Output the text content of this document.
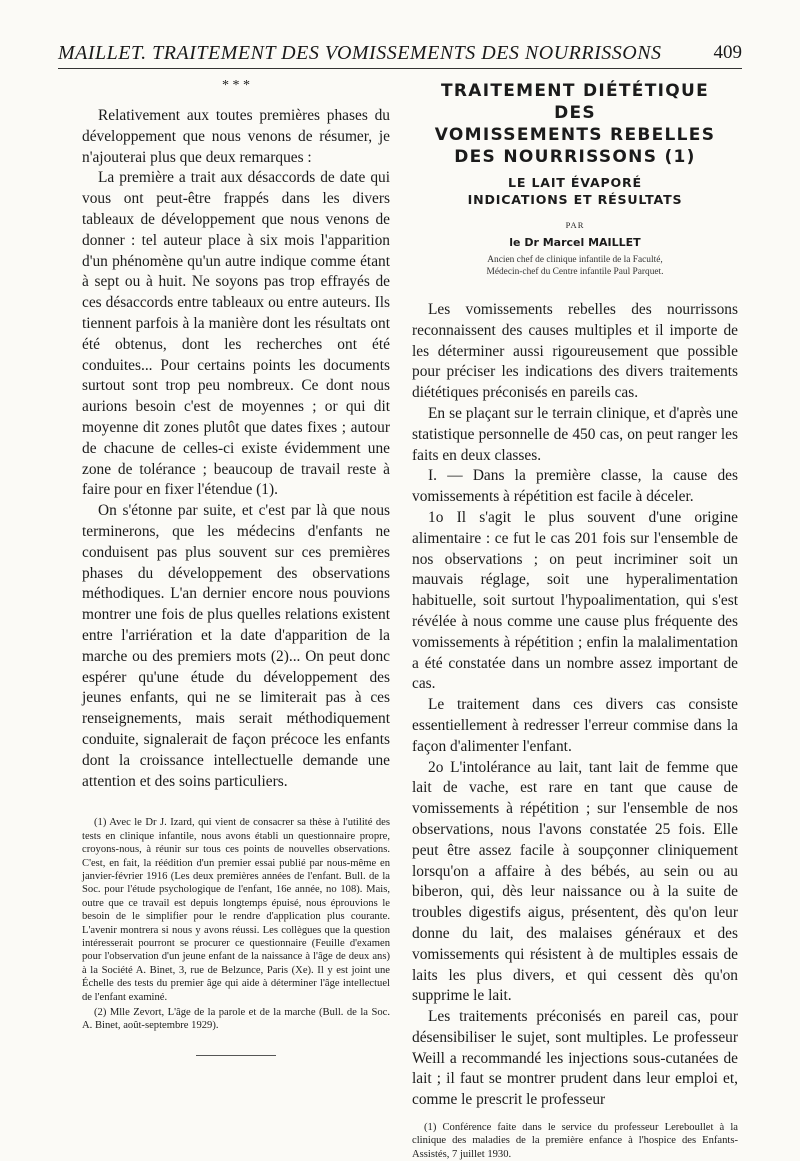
MAILLET. TRAITEMENT DES VOMISSEMENTS DES NOURRISSONS	409
* * *

Relativement aux toutes premières phases du développement que nous venons de résumer, je n'ajouterai plus que deux remarques :

La première a trait aux désaccords de date qui vous ont peut-être frappés dans les divers tableaux de développement que nous venons de donner : tel auteur place à six mois l'apparition d'un phénomène qu'un autre indique comme étant à sept ou à huit. Ne soyons pas trop effrayés de ces désaccords entre tableaux ou entre auteurs. Ils tiennent parfois à la manière dont les résultats ont été obtenus, dont les recherches ont été conduites... Pour certains points les documents surtout sont trop peu nombreux. Ce dont nous aurions besoin c'est de moyennes ; or qui dit moyenne dit zones plutôt que dates fixes ; autour de chacune de celles-ci existe évidemment une zone de tolérance ; beaucoup de travail reste à faire pour en fixer l'étendue (1).

On s'étonne par suite, et c'est par là que nous terminerons, que les médecins d'enfants ne conduisent pas plus souvent sur ces premières phases du développement des observations méthodiques. L'an dernier encore nous pouvions montrer une fois de plus quelles relations existent entre l'arriération et la date d'apparition de la marche ou des premiers mots (2)... On peut donc espérer qu'une étude du développement des jeunes enfants, qui ne se limiterait pas à ces renseignements, mais serait méthodiquement conduite, signalerait de façon précoce les enfants dont la croissance intellectuelle demande une attention et des soins particuliers.

(1) Avec le Dr J. Izard, qui vient de consacrer sa thèse à l'utilité des tests en clinique infantile, nous avons établi un questionnaire propre, croyons-nous, à réunir sur tous ces points de nouvelles observations. C'est, en fait, la réédition d'un premier essai publié par nous-même en janvier-février 1916 (Les deux premières années de l'enfant. Bull. de la Soc. pour l'étude psychologique de l'enfant, 16e année, no 108). Mais, outre que ce travail est depuis longtemps épuisé, nous éprouvions le besoin de le simplifier pour le rendre d'application plus courante. L'avenir montrera si nous y avons réussi. Les collègues que la question intéresserait pourront se procurer ce questionnaire (Feuille d'examen pour l'observation d'un jeune enfant de la naissance à l'âge de deux ans) à la Société A. Binet, 3, rue de Belzunce, Paris (Xe). Il y est joint une Échelle des tests du premier âge qui aide à déterminer l'âge intellectuel de l'enfant examiné.

(2) Mlle Zevort, L'âge de la parole et de la marche (Bull. de la Soc. A. Binet, août-septembre 1929).

TRAITEMENT DIÉTÉTIQUE

DES

VOMISSEMENTS REBELLES

DES NOURRISSONS (1)

LE LAIT ÉVAPORÉ
INDICATIONS ET RÉSULTATS
PAR
le Dr Marcel MAILLET
Ancien chef de clinique infantile de la Faculté,
Médecin-chef du Centre infantile Paul Parquet.

Les vomissements rebelles des nourrissons reconnaissent des causes multiples et il importe de les déterminer aussi rigoureusement que possible pour préciser les indications des divers traitements diététiques préconisés en pareils cas.

En se plaçant sur le terrain clinique, et d'après une statistique personnelle de 450 cas, on peut ranger les faits en deux classes.

I. — Dans la première classe, la cause des vomissements à répétition est facile à déceler.

1o Il s'agit le plus souvent d'une origine alimentaire : ce fut le cas 201 fois sur l'ensemble de nos observations ; on peut incriminer soit un mauvais réglage, soit une hyperalimentation habituelle, soit surtout l'hypoalimentation, qui s'est révélée à nous comme une cause plus fréquente des vomissements à répétition ; enfin la malalimentation a été constatée dans un nombre assez important de cas.

Le traitement dans ces divers cas consiste essentiellement à redresser l'erreur commise dans la façon d'alimenter l'enfant.

2o L'intolérance au lait, tant lait de femme que lait de vache, est rare en tant que cause de vomissements à répétition ; sur l'ensemble de nos observations, nous l'avons constatée 25 fois. Elle peut être assez facile à soupçonner cliniquement lorsqu'on a affaire à des bébés, au sein ou au biberon, qui, dès leur naissance ou à la suite de troubles digestifs aigus, présentent, dès qu'on leur donne du lait, des malaises généraux et des vomissements qui résistent à de multiples essais de laits les plus divers, et qui cessent dès qu'on supprime le lait.

Les traitements préconisés en pareil cas, pour désensibiliser le sujet, sont multiples. Le professeur Weill a recommandé les injections sous-cutanées de lait ; il faut se montrer prudent dans leur emploi et, comme le prescrit le professeur

(1) Conférence faite dans le service du professeur Lereboullet à la clinique des maladies de la première enfance à l'hospice des Enfants-Assistés, 7 juillet 1930.
